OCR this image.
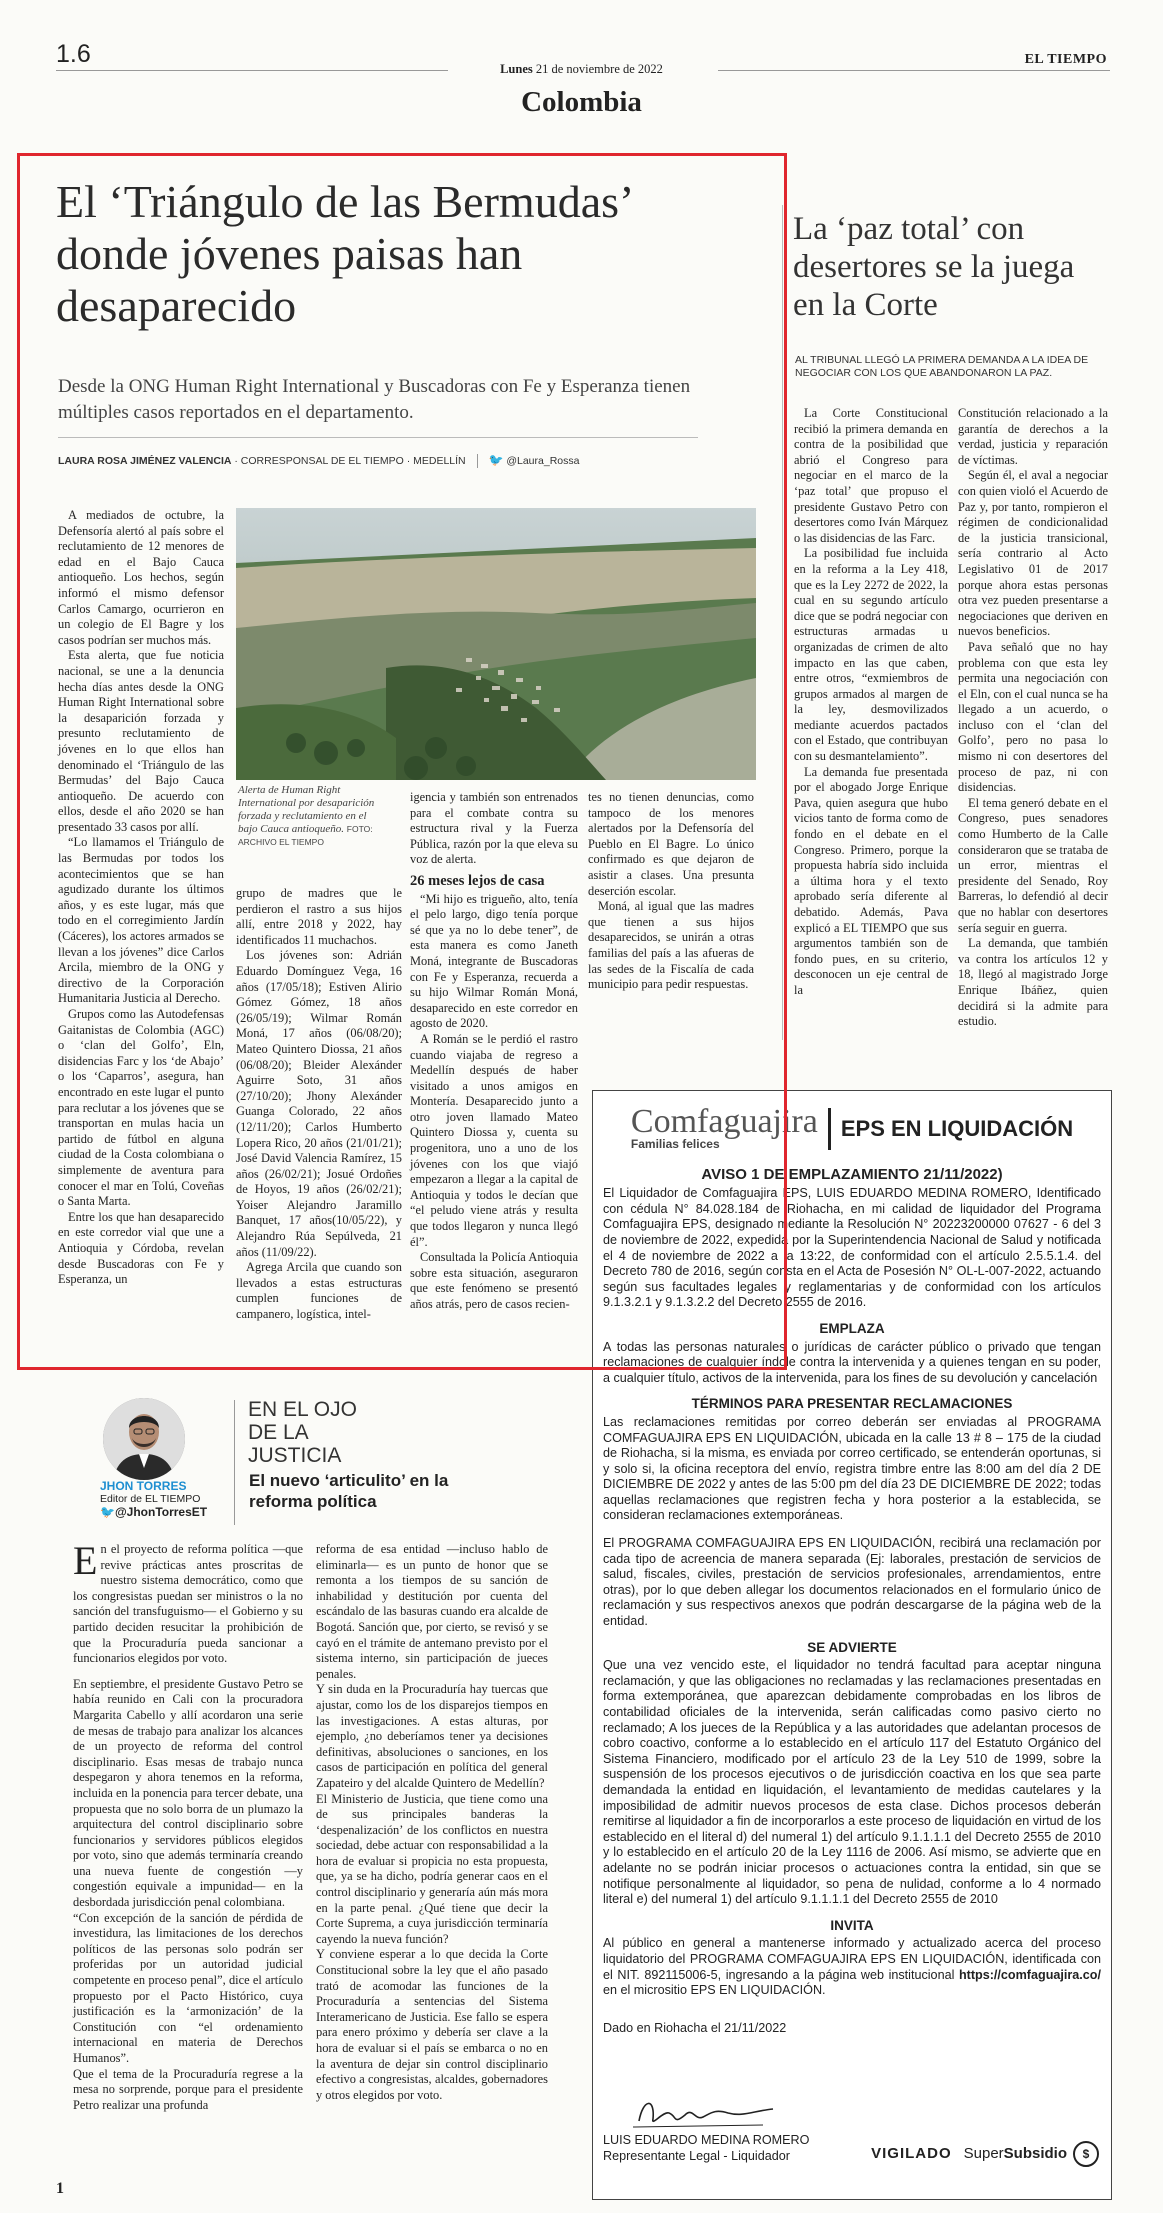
1.6
Lunes 21 de noviembre de 2022
EL TIEMPO
Colombia
El ‘Triángulo de las Bermudas’ donde jóvenes paisas han desaparecido
Desde la ONG Human Right International y Buscadoras con Fe y Esperanza tienen múltiples casos reportados en el departamento.
LAURA ROSA JIMÉNEZ VALENCIA · CORRESPONSAL DE EL TIEMPO · MEDELLÍN 🐦 @Laura_Rossa

A mediados de octubre, la Defensoría alertó al país sobre el reclutamiento de 12 menores de edad en el Bajo Cauca antioqueño. Los hechos, según informó el mismo defensor Carlos Camargo, ocurrieron en un colegio de El Bagre y los casos podrían ser muchos más.

Esta alerta, que fue noticia nacional, se une a la denuncia hecha días antes desde la ONG Human Right International sobre la desaparición forzada y presunto reclutamiento de jóvenes en lo que ellos han denominado el ‘Triángulo de las Bermudas’ del Bajo Cauca antioqueño. De acuerdo con ellos, desde el año 2020 se han presentado 33 casos por allí.

“Lo llamamos el Triángulo de las Bermudas por todos los acontecimientos que se han agudizado durante los últimos años, y es este lugar, más que todo en el corregimiento Jardín (Cáceres), los actores armados se llevan a los jóvenes” dice Carlos Arcila, miembro de la ONG y directivo de la Corporación Humanitaria Justicia al Derecho.

Grupos como las Autodefensas Gaitanistas de Colombia (AGC) o ‘clan del Golfo’, Eln, disidencias Farc y los ‘de Abajo’ o los ‘Caparros’, asegura, han encontrado en este lugar el punto para reclutar a los jóvenes que se transportan en mulas hacia un partido de fútbol en alguna ciudad de la Costa colombiana o simplemente de aventura para conocer el mar en Tolú, Coveñas o Santa Marta.

Entre los que han desaparecido en este corredor vial que une a Antioquia y Córdoba, revelan desde Buscadoras con Fe y Esperanza, un

Alerta de Human Right International por desaparición forzada y reclutamiento en el bajo Cauca antioqueño. FOTO: ARCHIVO EL TIEMPO

grupo de madres que le perdieron el rastro a sus hijos allí, entre 2018 y 2022, hay identificados 11 muchachos.

Los jóvenes son: Adrián Eduardo Domínguez Vega, 16 años (17/05/18); Estiven Alirio Gómez Gómez, 18 años (26/05/19); Wilmar Román Moná, 17 años (06/08/20); Mateo Quintero Diossa, 21 años (06/08/20); Bleider Alexánder Aguirre Soto, 31 años (27/10/20); Jhony Alexánder Guanga Colorado, 22 años (12/11/20); Carlos Humberto Lopera Rico, 20 años (21/01/21); José David Valencia Ramírez, 15 años (26/02/21); Josué Ordoñes de Hoyos, 19 años (26/02/21); Yoiser Alejandro Jaramillo Banquet, 17 años(10/05/22), y Alejandro Rúa Sepúlveda, 21 años (11/09/22).

Agrega Arcila que cuando son llevados a estas estructuras cumplen funciones de campanero, logística, intel-

igencia y también son entrenados para el combate contra su estructura rival y la Fuerza Pública, razón por la que eleva su voz de alerta.

26 meses lejos de casa

“Mi hijo es trigueño, alto, tenía el pelo largo, digo tenía porque sé que ya no lo debe tener”, de esta manera es como Janeth Moná, integrante de Buscadoras con Fe y Esperanza, recuerda a su hijo Wilmar Román Moná, desaparecido en este corredor en agosto de 2020.

A Román se le perdió el rastro cuando viajaba de regreso a Medellín después de haber visitado a unos amigos en Montería. Desaparecido junto a otro joven llamado Mateo Quintero Diossa y, cuenta su progenitora, uno a uno de los jóvenes con los que viajó empezaron a llegar a la capital de Antioquia y todos le decían que “el peludo viene atrás y resulta que todos llegaron y nunca llegó él”.

Consultada la Policía Antioquia sobre esta situación, aseguraron que este fenómeno se presentó años atrás, pero de casos recien-

tes no tienen denuncias, como tampoco de los menores alertados por la Defensoría del Pueblo en El Bagre. Lo único confirmado es que dejaron de asistir a clases. Una presunta deserción escolar.

Moná, al igual que las madres que tienen a sus hijos desaparecidos, se unirán a otras familias del país a las afueras de las sedes de la Fiscalía de cada municipio para pedir respuestas.

La ‘paz total’ con desertores se la juega en la Corte
AL TRIBUNAL LLEGÓ LA PRIMERA DEMANDA A LA IDEA DE NEGOCIAR CON LOS QUE ABANDONARON LA PAZ.

La Corte Constitucional recibió la primera demanda en contra de la posibilidad que abrió el Congreso para negociar en el marco de la ‘paz total’ que propuso el presidente Gustavo Petro con desertores como Iván Márquez o las disidencias de las Farc.

La posibilidad fue incluida en la reforma a la Ley 418, que es la Ley 2272 de 2022, la cual en su segundo artículo dice que se podrá negociar con estructuras armadas u organizadas de crimen de alto impacto en las que caben, entre otros, “exmiembros de grupos armados al margen de la ley, desmovilizados mediante acuerdos pactados con el Estado, que contribuyan con su desmantelamiento”.

La demanda fue presentada por el abogado Jorge Enrique Pava, quien asegura que hubo vicios tanto de forma como de fondo en el debate en el Congreso. Primero, porque la propuesta habría sido incluida a última hora y el texto aprobado sería diferente al debatido. Además, Pava explicó a EL TIEMPO que sus argumentos también son de fondo pues, en su criterio, desconocen un eje central de la

Constitución relacionado a la garantía de derechos a la verdad, justicia y reparación de víctimas.

Según él, el aval a negociar con quien violó el Acuerdo de Paz y, por tanto, rompieron el régimen de condicionalidad de la justicia transicional, sería contrario al Acto Legislativo 01 de 2017 porque ahora estas personas otra vez pueden presentarse a negociaciones que deriven en nuevos beneficios.

Pava señaló que no hay problema con que esta ley permita una negociación con el Eln, con el cual nunca se ha llegado a un acuerdo, o incluso con el ‘clan del Golfo’, pero no pasa lo mismo ni con desertores del proceso de paz, ni con disidencias.

El tema generó debate en el Congreso, pues senadores como Humberto de la Calle consideraron que se trataba de un error, mientras el presidente del Senado, Roy Barreras, lo defendió al decir que no hablar con desertores sería seguir en guerra.

La demanda, que también va contra los artículos 12 y 18, llegó al magistrado Jorge Enrique Ibáñez, quien decidirá si la admite para estudio.

Comfaguajira
Familias felices
EPS EN LIQUIDACIÓN
AVISO 1 DE EMPLAZAMIENTO 21/11/2022)

El Liquidador de Comfaguajira EPS, LUIS EDUARDO MEDINA ROMERO, Identificado con cédula N° 84.028.184 de Riohacha, en mi calidad de liquidador del Programa Comfaguajira EPS, designado mediante la Resolución N° 20223200000 07627 - 6 del 3 de noviembre de 2022, expedida por la Superintendencia Nacional de Salud y notificada el 4 de noviembre de 2022 a la 13:22, de conformidad con el artículo 2.5.5.1.4. del Decreto 780 de 2016, según consta en el Acta de Posesión N° OL-L-007-2022, actuando según sus facultades legales y reglamentarias y de conformidad con los artículos 9.1.3.2.1 y 9.1.3.2.2 del Decreto 2555 de 2016.

EMPLAZA

A todas las personas naturales o jurídicas de carácter público o privado que tengan reclamaciones de cualquier índole contra la intervenida y a quienes tengan en su poder, a cualquier título, activos de la intervenida, para los fines de su devolución y cancelación

TÉRMINOS PARA PRESENTAR RECLAMACIONES

Las reclamaciones remitidas por correo deberán ser enviadas al PROGRAMA COMFAGUAJIRA EPS EN LIQUIDACIÓN, ubicada en la calle 13 # 8 – 175 de la ciudad de Riohacha, si la misma, es enviada por correo certificado, se entenderán oportunas, si y solo si, la oficina receptora del envío, registra timbre entre las 8:00 am del día 2 DE DICIEMBRE DE 2022 y antes de las 5:00 pm del día 23 DE DICIEMBRE DE 2022; todas aquellas reclamaciones que registren fecha y hora posterior a la establecida, se consideran reclamaciones extemporáneas.

El PROGRAMA COMFAGUAJIRA EPS EN LIQUIDACIÓN, recibirá una reclamación por cada tipo de acreencia de manera separada (Ej: laborales, prestación de servicios de salud, fiscales, civiles, prestación de servicios profesionales, arrendamientos, entre otras), por lo que deben allegar los documentos relacionados en el formulario único de reclamación y sus respectivos anexos que podrán descargarse de la página web de la entidad.

SE ADVIERTE

Que una vez vencido este, el liquidador no tendrá facultad para aceptar ninguna reclamación, y que las obligaciones no reclamadas y las reclamaciones presentadas en forma extemporánea, que aparezcan debidamente comprobadas en los libros de contabilidad oficiales de la intervenida, serán calificadas como pasivo cierto no reclamado; A los jueces de la República y a las autoridades que adelantan procesos de cobro coactivo, conforme a lo establecido en el artículo 117 del Estatuto Orgánico del Sistema Financiero, modificado por el artículo 23 de la Ley 510 de 1999, sobre la suspensión de los procesos ejecutivos o de jurisdicción coactiva en los que sea parte demandada la entidad en liquidación, el levantamiento de medidas cautelares y la imposibilidad de admitir nuevos procesos de esta clase. Dichos procesos deberán remitirse al liquidador a fin de incorporarlos a este proceso de liquidación en virtud de los establecido en el literal d) del numeral 1) del artículo 9.1.1.1.1 del Decreto 2555 de 2010 y lo establecido en el artículo 20 de la Ley 1116 de 2006. Así mismo, se advierte que en adelante no se podrán iniciar procesos o actuaciones contra la entidad, sin que se notifique personalmente al liquidador, so pena de nulidad, conforme a lo 4 normado literal e) del numeral 1) del artículo 9.1.1.1.1 del Decreto 2555 de 2010

INVITA

Al público en general a mantenerse informado y actualizado acerca del proceso liquidatorio del PROGRAMA COMFAGUAJIRA EPS EN LIQUIDACIÓN, identificada con el NIT. 892115006-5, ingresando a la página web institucional https://comfaguajira.co/ en el micrositio EPS EN LIQUIDACIÓN.

Dado en Riohacha el 21/11/2022

LUIS EDUARDO MEDINA ROMERO
Representante Legal - Liquidador	VIGILADO Super Subsidio	$
JHON TORRES
Editor de EL TIEMPO
🐦@JhonTorresET
EN EL OJO DE LA JUSTICIA
El nuevo ‘articulito’ en la reforma política

En el proyecto de reforma política —que revive prácticas antes proscritas de nuestro sistema democrático, como que los congresistas puedan ser ministros o la no sanción del transfuguismo— el Gobierno y su partido deciden resucitar la prohibición de que la Procuraduría pueda sancionar a funcionarios elegidos por voto.

En septiembre, el presidente Gustavo Petro se había reunido en Cali con la procuradora Margarita Cabello y allí acordaron una serie de mesas de trabajo para analizar los alcances de un proyecto de reforma del control disciplinario. Esas mesas de trabajo nunca despegaron y ahora tenemos en la reforma, incluida en la ponencia para tercer debate, una propuesta que no solo borra de un plumazo la arquitectura del control disciplinario sobre funcionarios y servidores públicos elegidos por voto, sino que además terminaría creando una nueva fuente de congestión —y congestión equivale a impunidad— en la desbordada jurisdicción penal colombiana.

“Con excepción de la sanción de pérdida de investidura, las limitaciones de los derechos políticos de las personas solo podrán ser proferidas por un autoridad judicial competente en proceso penal”, dice el artículo propuesto por el Pacto Histórico, cuya justificación es la ‘armonización’ de la Constitución con “el ordenamiento internacional en materia de Derechos Humanos”.

Que el tema de la Procuraduría regrese a la mesa no sorprende, porque para el presidente Petro realizar una profunda

reforma de esa entidad —incluso hablo de eliminarla— es un punto de honor que se remonta a los tiempos de su sanción de inhabilidad y destitución por cuenta del escándalo de las basuras cuando era alcalde de Bogotá. Sanción que, por cierto, se revisó y se cayó en el trámite de antemano previsto por el sistema interno, sin participación de jueces penales.

Y sin duda en la Procuraduría hay tuercas que ajustar, como los de los disparejos tiempos en las investigaciones. A estas alturas, por ejemplo, ¿no deberíamos tener ya decisiones definitivas, absoluciones o sanciones, en los casos de participación en política del general Zapateiro y del alcalde Quintero de Medellín?

El Ministerio de Justicia, que tiene como una de sus principales banderas la ‘despenalización’ de los conflictos en nuestra sociedad, debe actuar con responsabilidad a la hora de evaluar si propicia no esta propuesta, que, ya se ha dicho, podría generar caos en el control disciplinario y generaría aún más mora en la parte penal. ¿Qué tiene que decir la Corte Suprema, a cuya jurisdicción terminaría cayendo la nueva función?

Y conviene esperar a lo que decida la Corte Constitucional sobre la ley que el año pasado trató de acomodar las funciones de la Procuraduría a sentencias del Sistema Interamericano de Justicia. Ese fallo se espera para enero próximo y debería ser clave a la hora de evaluar si el país se embarca o no en la aventura de dejar sin control disciplinario efectivo a congresistas, alcaldes, gobernadores y otros elegidos por voto.

1
